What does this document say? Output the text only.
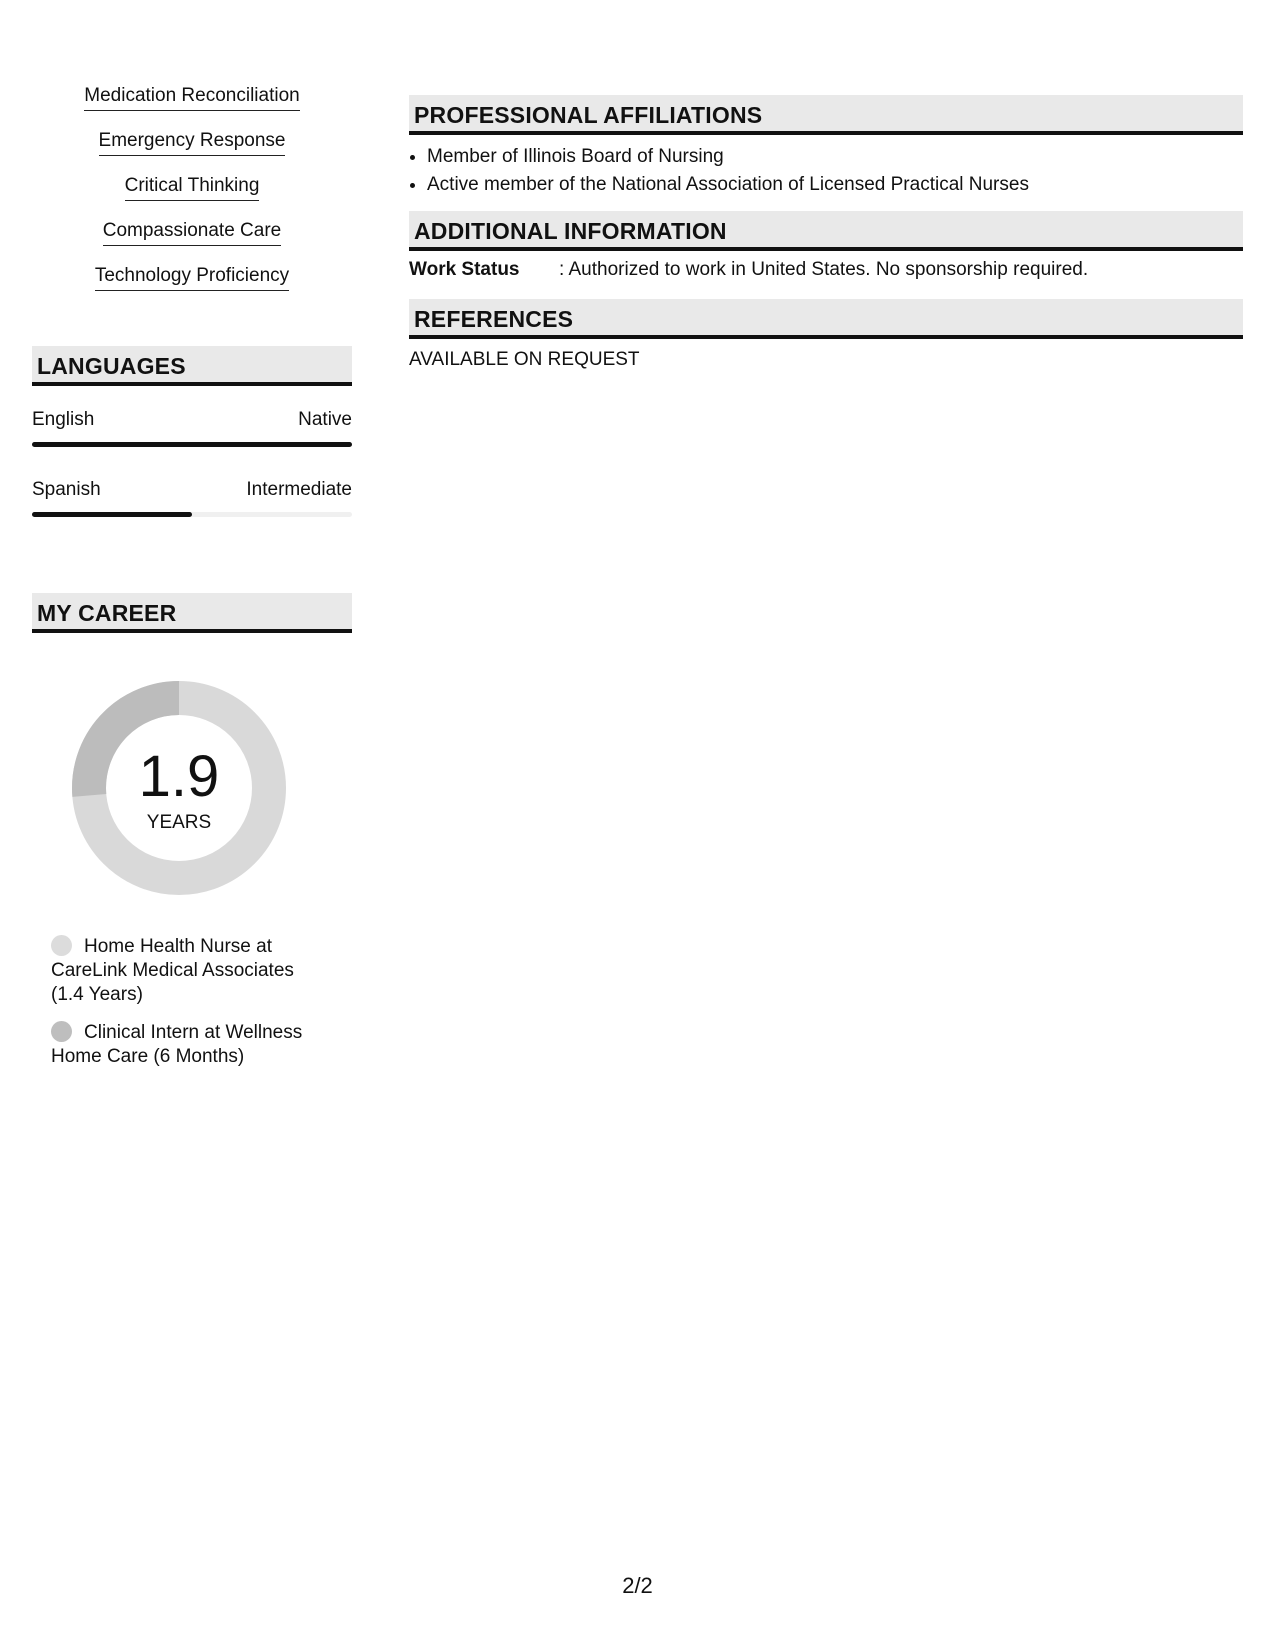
Medication Reconciliation
Emergency Response
Critical Thinking
Compassionate Care
Technology Proficiency
LANGUAGES
English	Native
Spanish	Intermediate
MY CAREER
1.9
YEARS
Home Health Nurse at CareLink Medical Associates (1.4 Years)
Clinical Intern at Wellness Home Care (6 Months)
PROFESSIONAL AFFILIATIONS
• Member of Illinois Board of Nursing
• Active member of the National Association of Licensed Practical Nurses
ADDITIONAL INFORMATION
Work Status : Authorized to work in United States. No sponsorship required.
REFERENCES
AVAILABLE ON REQUEST
2/2
